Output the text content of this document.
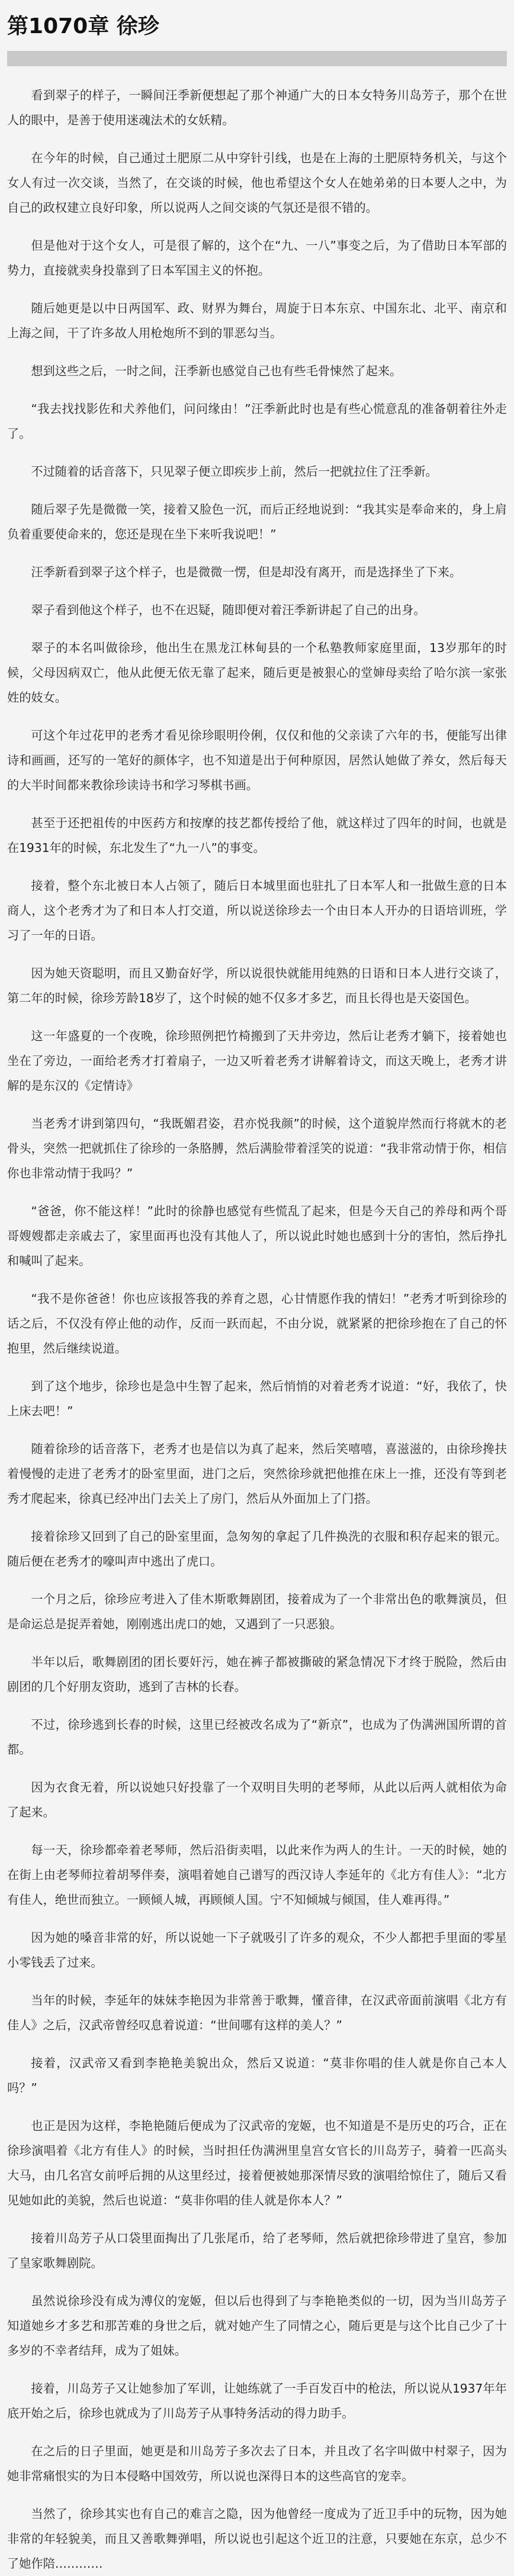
第1070章 徐珍

看到翠子的样子，一瞬间汪季新便想起了那个神通广大的日本女特务川岛芳子，那个在世人的眼中，是善于使用迷魂法术的女妖精。

在今年的时候，自己通过土肥原二从中穿针引线，也是在上海的土肥原特务机关，与这个女人有过一次交谈，当然了，在交谈的时候，他也希望这个女人在她弟弟的日本要人之中，为自己的政权建立良好印象，所以说两人之间交谈的气氛还是很不错的。

但是他对于这个女人，可是很了解的，这个在“九、一八”事变之后，为了借助日本军部的势力，直接就卖身投靠到了日本军国主义的怀抱。

随后她更是以中日两国军、政、财界为舞台，周旋于日本东京、中国东北、北平、南京和上海之间，干了许多故人用枪炮所不到的罪恶勾当。

想到这些之后，一时之间，汪季新也感觉自己也有些毛骨悚然了起来。

“我去找找影佐和犬养他们，问问缘由！”汪季新此时也是有些心慌意乱的准备朝着往外走了。

不过随着的话音落下，只见翠子便立即疾步上前，然后一把就拉住了汪季新。

随后翠子先是微微一笑，接着又脸色一沉，而后正经地说到：“我其实是奉命来的，身上肩负着重要使命来的，您还是现在坐下来听我说吧！”

汪季新看到翠子这个样子，也是微微一愣，但是却没有离开，而是选择坐了下来。

翠子看到他这个样子，也不在迟疑，随即便对着汪季新讲起了自己的出身。

翠子的本名叫做徐珍，他出生在黑龙江林甸县的一个私塾教师家庭里面，13岁那年的时候，父母因病双亡，他从此便无依无靠了起来，随后更是被狠心的堂婶母卖给了哈尔滨一家张姓的妓女。

可这个年过花甲的老秀才看见徐珍眼明伶俐，仅仅和他的父亲读了六年的书，便能写出律诗和画画，还写的一笔好的颜体字，也不知道是出于何种原因，居然认她做了养女，然后每天的大半时间都来教徐珍读诗书和学习琴棋书画。

甚至于还把祖传的中医药方和按摩的技艺都传授给了他，就这样过了四年的时间，也就是在1931年的时候，东北发生了“九一八”的事变。

接着，整个东北被日本人占领了，随后日本城里面也驻扎了日本军人和一批做生意的日本商人，这个老秀才为了和日本人打交道，所以说送徐珍去一个由日本人开办的日语培训班，学习了一年的日语。

因为她天资聪明，而且又勤奋好学，所以说很快就能用纯熟的日语和日本人进行交谈了，第二年的时候，徐珍芳龄18岁了，这个时候的她不仅多才多艺，而且长得也是天姿国色。

这一年盛夏的一个夜晚，徐珍照例把竹椅搬到了天井旁边，然后让老秀才躺下，接着她也坐在了旁边，一面给老秀才打着扇子，一边又听着老秀才讲解着诗文，而这天晚上，老秀才讲解的是东汉的《定情诗》

当老秀才讲到第四句，“我既媚君姿，君亦悦我颜”的时候，这个道貌岸然而行将就木的老骨头，突然一把就抓住了徐珍的一条胳膊，然后满脸带着淫笑的说道：“我非常动情于你，相信你也非常动情于我吗？”

“爸爸，你不能这样！”此时的徐静也感觉有些慌乱了起来，但是今天自己的养母和两个哥哥嫂嫂都走亲戚去了，家里面再也没有其他人了，所以说此时她也感到十分的害怕，然后挣扎和喊叫了起来。

“我不是你爸爸！你也应该报答我的养育之恩，心甘情愿作我的情妇！”老秀才听到徐珍的话之后，不仅没有停止他的动作，反而一跃而起，不由分说，就紧紧的把徐珍抱在了自己的怀抱里，然后继续说道。

到了这个地步，徐珍也是急中生智了起来，然后悄悄的对着老秀才说道：“好，我依了，快上床去吧！”

随着徐珍的话音落下，老秀才也是信以为真了起来，然后笑嘻嘻，喜滋滋的，由徐珍搀扶着慢慢的走进了老秀才的卧室里面，进门之后，突然徐珍就把他推在床上一推，还没有等到老秀才爬起来，徐真已经冲出门去关上了房门，然后从外面加上了门搭。

接着徐珍又回到了自己的卧室里面，急匆匆的拿起了几件换洗的衣服和积存起来的银元。随后便在老秀才的嚎叫声中逃出了虎口。

一个月之后，徐珍应考进入了佳木斯歌舞剧团，接着成为了一个非常出色的歌舞演员，但是命运总是捉弄着她，刚刚逃出虎口的她，又遇到了一只恶狼。

半年以后，歌舞剧团的团长要奸污，她在裤子都被撕破的紧急情况下才终于脱险，然后由剧团的几个好朋友资助，逃到了吉林的长春。

不过，徐珍逃到长春的时候，这里已经被改名成为了“新京”，也成为了伪满洲国所谓的首都。

因为衣食无着，所以说她只好投靠了一个双明目失明的老琴师，从此以后两人就相依为命了起来。

每一天，徐珍都牵着老琴师，然后沿街卖唱，以此来作为两人的生计。一天的时候，她的在街上由老琴师拉着胡琴伴奏，演唱着她自己谱写的西汉诗人李延年的《北方有佳人》：“北方有佳人，绝世而独立。一顾倾人城，再顾倾人国。宁不知倾城与倾国，佳人难再得。”

因为她的嗓音非常的好，所以说她一下子就吸引了许多的观众，不少人都把手里面的零星小零钱丢了过来。

当年的时候，李延年的妹妹李艳因为非常善于歌舞，懂音律，在汉武帝面前演唱《北方有佳人》之后，汉武帝曾经叹息着说道：“世间哪有这样的美人？”

接着，汉武帝又看到李艳艳美貌出众，然后又说道：“莫非你唱的佳人就是你自己本人吗？”

也正是因为这样，李艳艳随后便成为了汉武帝的宠姬，也不知道是不是历史的巧合，正在徐珍演唱着《北方有佳人》的时候，当时担任伪满洲里皇宫女官长的川岛芳子，骑着一匹高头大马，由几名宫女前呼后拥的从这里经过，接着便被她那深情尽致的演唱给惊住了，随后又看见她如此的美貌，然后也说道：“莫非你唱的佳人就是你本人？”

接着川岛芳子从口袋里面掏出了几张尾币，给了老琴师，然后就把徐珍带进了皇宫，参加了皇家歌舞剧院。

虽然说徐珍没有成为溥仪的宠姬，但以后也得到了与李艳艳类似的一切，因为当川岛芳子知道她乡才多艺和那苦难的身世之后，就对她产生了同情之心，随后更是与这个比自己少了十多岁的不幸者结拜，成为了姐妹。

接着，川岛芳子又让她参加了军训，让她练就了一手百发百中的枪法，所以说从1937年年底开始之后，徐珍也就成为了川岛芳子从事特务活动的得力助手。

在之后的日子里面，她更是和川岛芳子多次去了日本，并且改了名字叫做中村翠子，因为她非常痛恨实的为日本侵略中国效劳，所以说也深得日本的这些高官的宠幸。

当然了，徐珍其实也有自己的难言之隐，因为他曾经一度成为了近卫手中的玩物，因为她非常的年轻貌美，而且又善歌舞弹唱，所以说也引起这个近卫的注意，只要她在东京，总少不了她作陪…………
